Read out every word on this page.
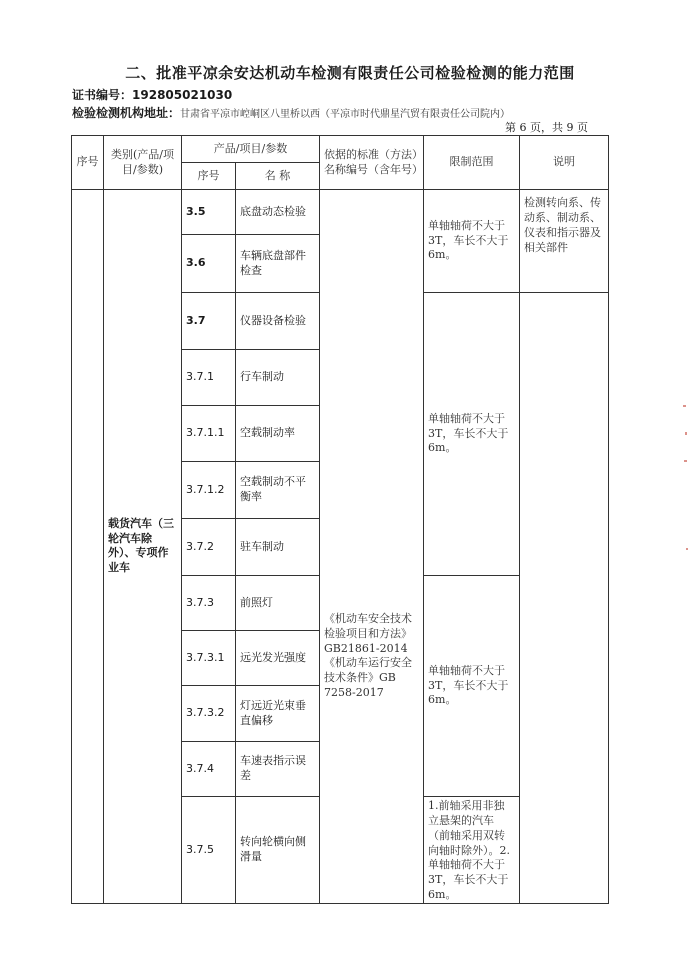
二、批准平凉余安达机动车检测有限责任公司检验检测的能力范围
证书编号：192805021030
检验检测机构地址：甘肃省平凉市崆峒区八里桥以西（平凉市时代鼎星汽贸有限责任公司院内）
第 6 页，共 9 页
序号	类别(产品/项目/参数)	产品/项目/参数		依据的标准（方法）名称编号（含年号）	限制范围	说明
		序号	名 称			
	载货汽车（三轮汽车除外）、专项作业车	3.5	底盘动态检验	《机动车安全技术检验项目和方法》GB21861-2014
《机动车运行安全技术条件》GB 7258-2017	单轴轴荷不大于3T，车长不大于6m。	检测转向系、传动系、制动系、仪表和指示器及相关部件
		3.6	车辆底盘部件检查			
		3.7	仪器设备检验		单轴轴荷不大于3T，车长不大于6m。	
		3.7.1	行车制动			
		3.7.1.1	空载制动率			
		3.7.1.2	空载制动不平衡率			
		3.7.2	驻车制动			
		3.7.3	前照灯		单轴轴荷不大于3T，车长不大于6m。	
		3.7.3.1	远光发光强度			
		3.7.3.2	灯远近光束垂直偏移			
		3.7.4	车速表指示误差			
		3.7.5	转向轮横向侧滑量		1.前轴采用非独立悬架的汽车（前轴采用双转向轴时除外）。2. 单轴轴荷不大于3T，车长不大于6m。	
